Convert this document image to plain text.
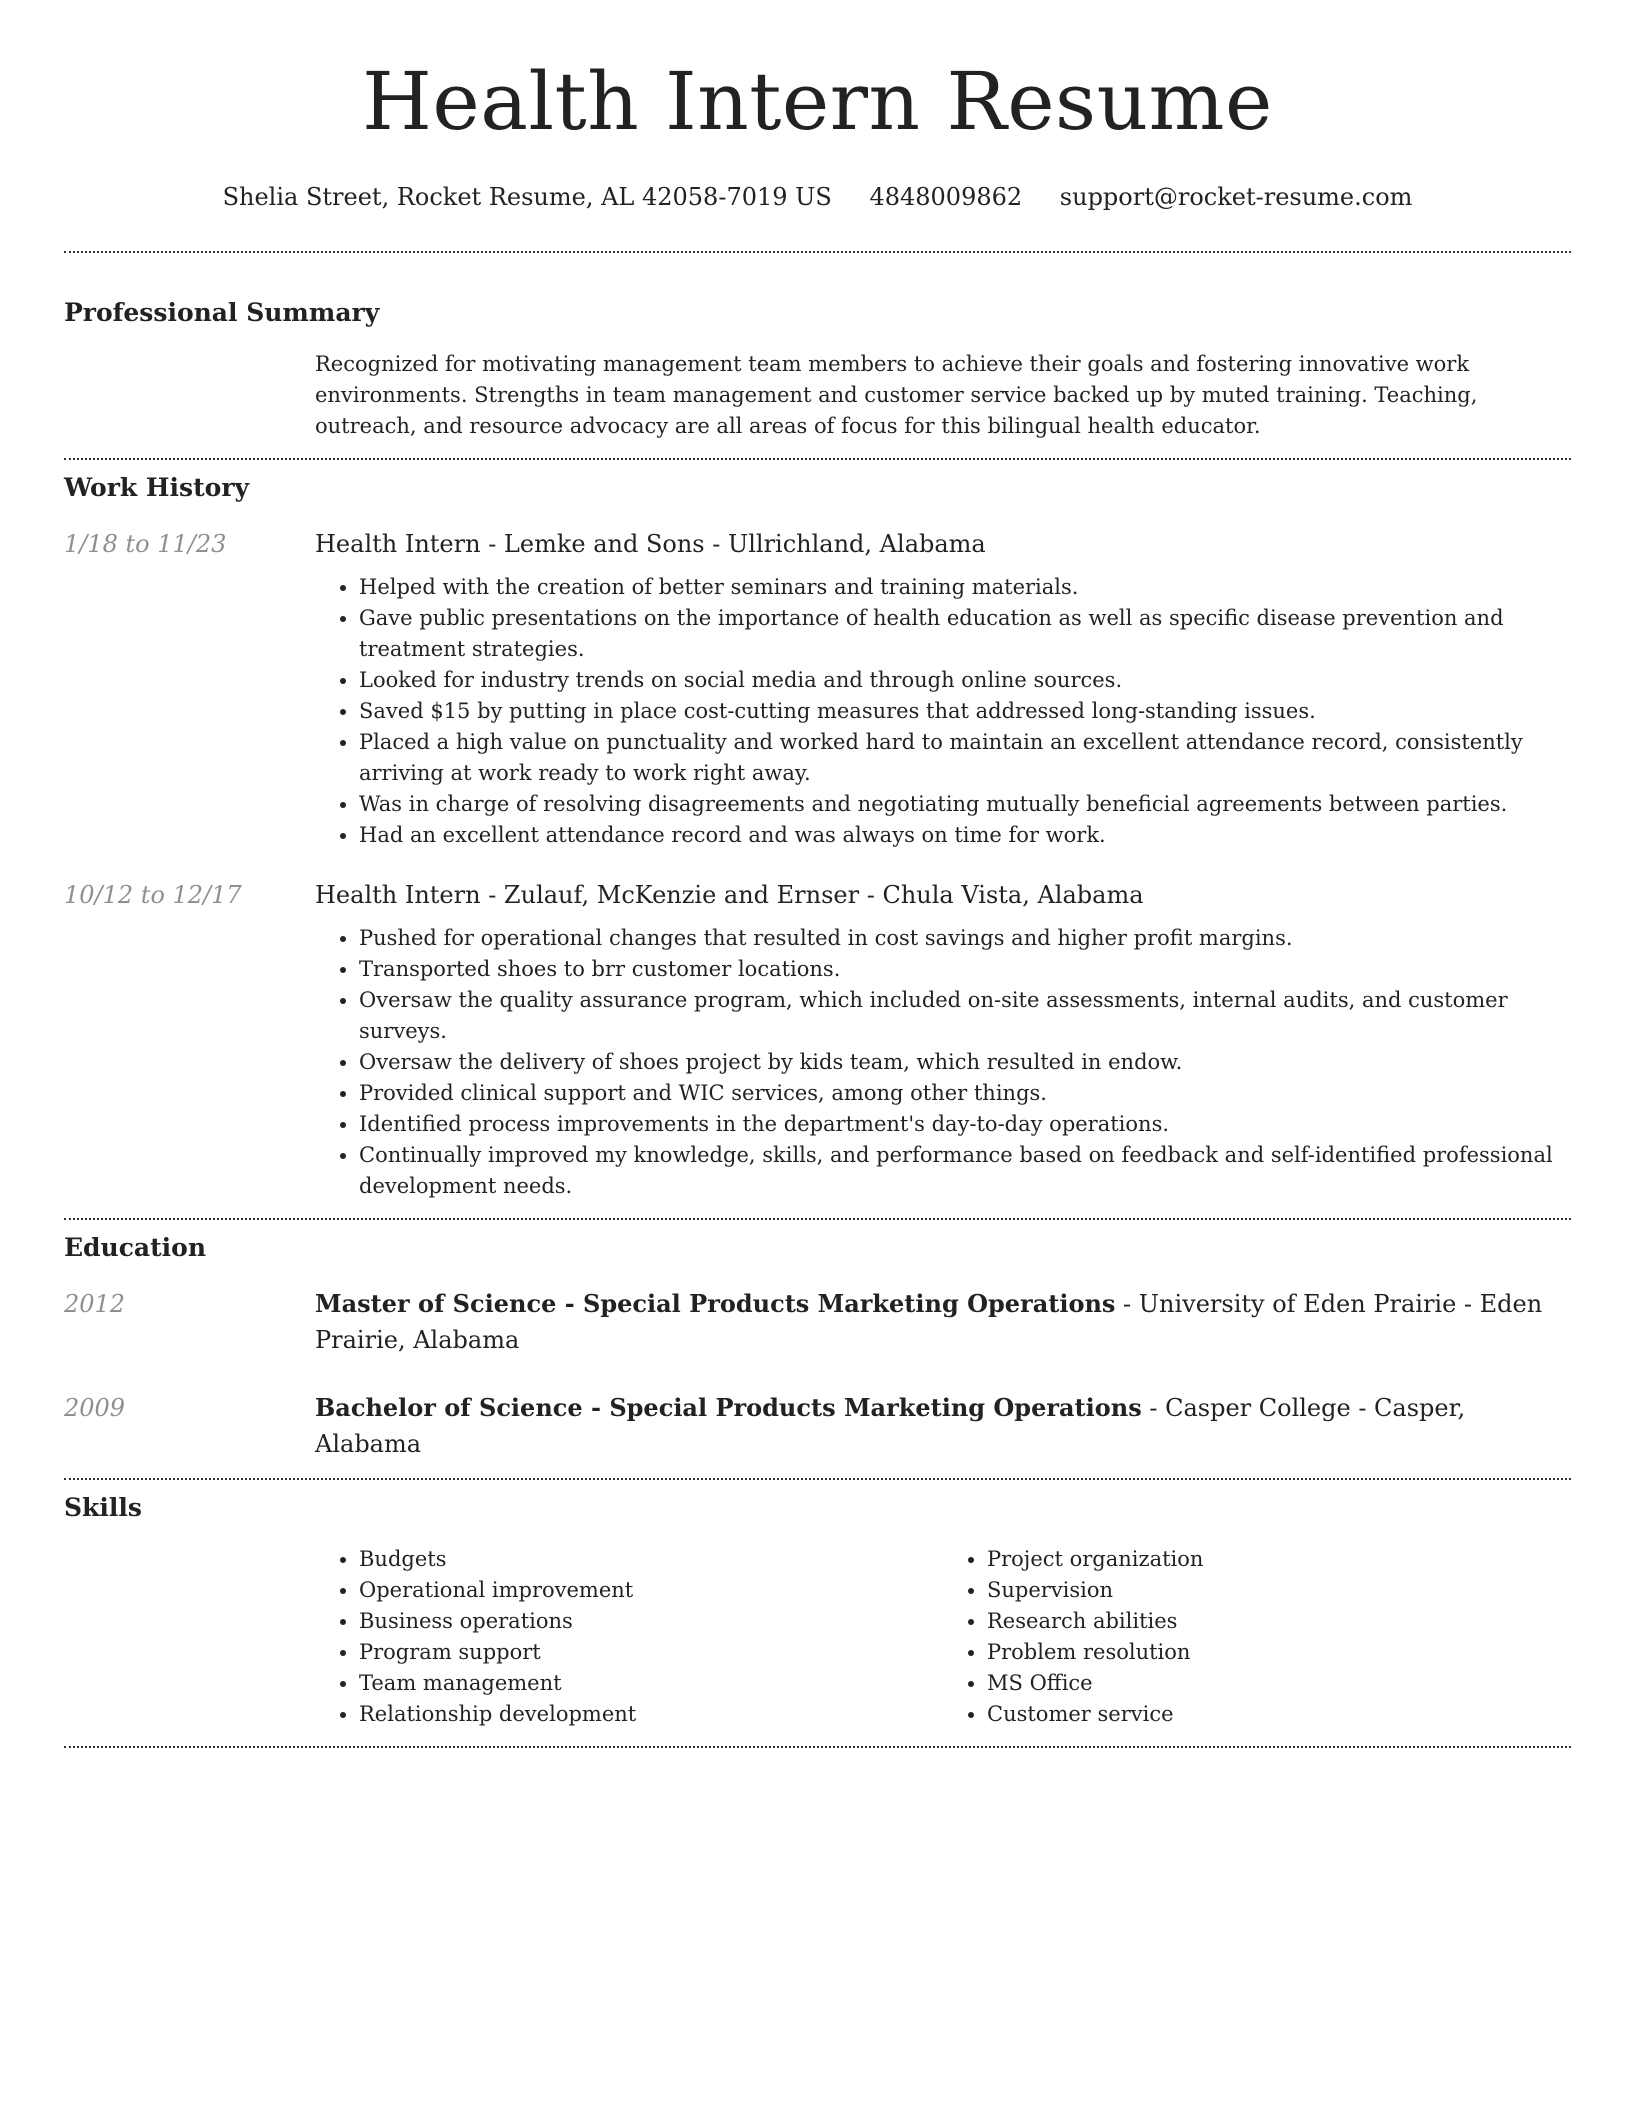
Health Intern Resume
Shelia Street, Rocket Resume, AL 42058-7019 US 4848009862 support@rocket-resume.com
Professional Summary
Recognized for motivating management team members to achieve their goals and fostering innovative work environments. Strengths in team management and customer service backed up by muted training. Teaching, outreach, and resource advocacy are all areas of focus for this bilingual health educator.
Work History
1/18 to 11/23	Health Intern - Lemke and Sons - Ullrichland, Alabama
• Helped with the creation of better seminars and training materials.
• Gave public presentations on the importance of health education as well as specific disease prevention and treatment strategies.
• Looked for industry trends on social media and through online sources.
• Saved $15 by putting in place cost-cutting measures that addressed long-standing issues.
• Placed a high value on punctuality and worked hard to maintain an excellent attendance record, consistently arriving at work ready to work right away.
• Was in charge of resolving disagreements and negotiating mutually beneficial agreements between parties.
• Had an excellent attendance record and was always on time for work.
10/12 to 12/17	Health Intern - Zulauf, McKenzie and Ernser - Chula Vista, Alabama
• Pushed for operational changes that resulted in cost savings and higher profit margins.
• Transported shoes to brr customer locations.
• Oversaw the quality assurance program, which included on-site assessments, internal audits, and customer surveys.
• Oversaw the delivery of shoes project by kids team, which resulted in endow.
• Provided clinical support and WIC services, among other things.
• Identified process improvements in the department's day-to-day operations.
• Continually improved my knowledge, skills, and performance based on feedback and self-identified professional development needs.
Education
2012	Master of Science - Special Products Marketing Operations - University of Eden Prairie - Eden Prairie, Alabama
2009	Bachelor of Science - Special Products Marketing Operations - Casper College - Casper, Alabama
Skills
• Budgets
• Operational improvement
• Business operations
• Program support
• Team management
• Relationship development
• Project organization
• Supervision
• Research abilities
• Problem resolution
• MS Office
• Customer service
